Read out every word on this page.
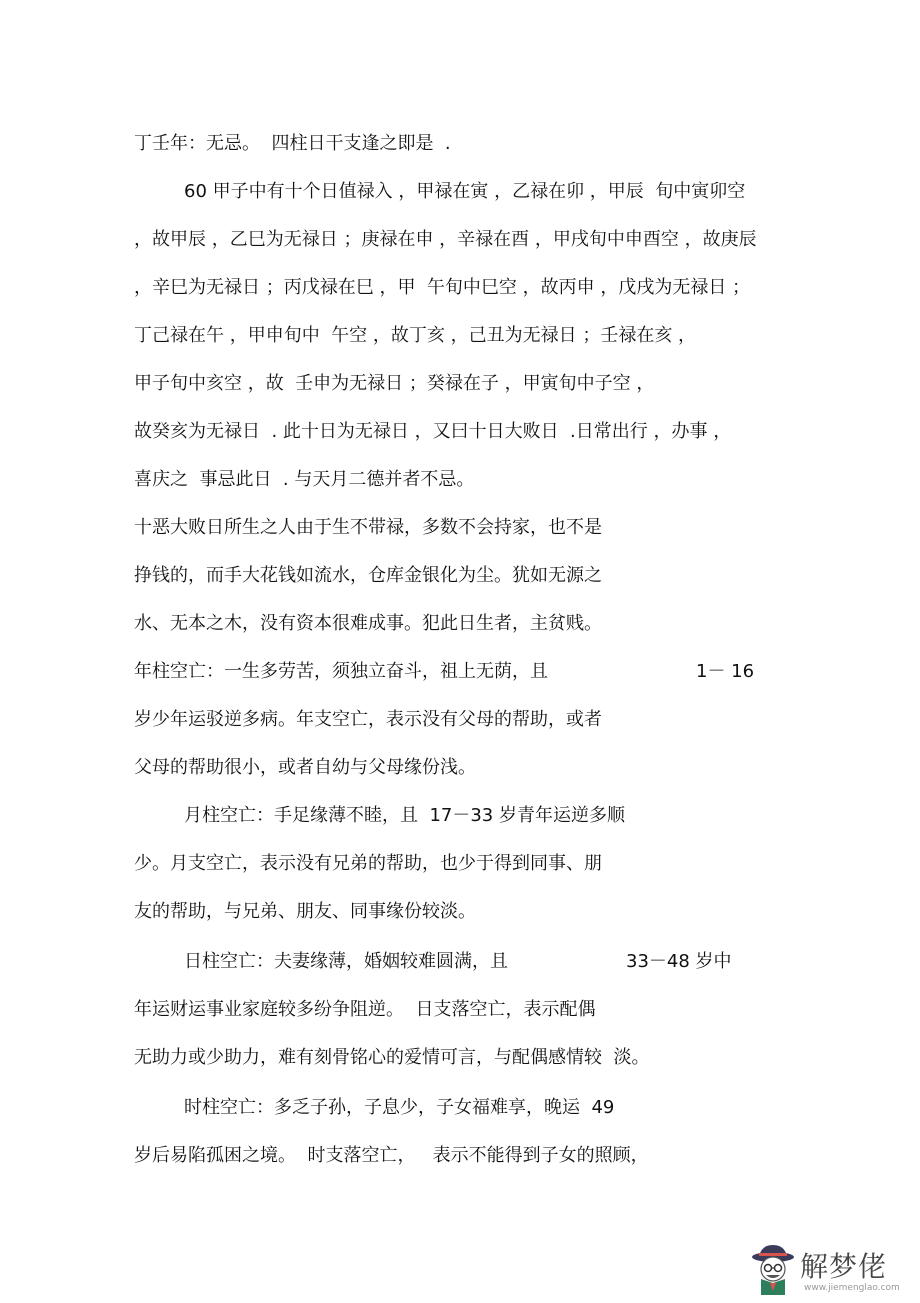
丁壬年：无忌。  四柱日干支逢之即是  .
60 甲子中有十个日值禄入 ，甲禄在寅 ，乙禄在卯 ，甲辰  旬中寅卯空
，故甲辰 ，乙巳为无禄日 ；庚禄在申 ，辛禄在酉 ，甲戌旬中申酉空 ，故庚辰
，辛巳为无禄日 ；丙戊禄在巳 ，甲  午旬中巳空 ，故丙申 ，戊戌为无禄日 ；
丁己禄在午 ，甲申旬中  午空 ，故丁亥 ，己丑为无禄日 ；壬禄在亥 ，
甲子旬中亥空 ，故  壬申为无禄日 ；癸禄在子 ，甲寅旬中子空 ，
故癸亥为无禄日  . 此十日为无禄日 ，又曰十日大败日  .日常出行 ，办事 ，
喜庆之  事忌此日  . 与天月二德并者不忌。
十恶大败日所生之人由于生不带禄，多数不会持家，也不是
挣钱的，而手大花钱如流水，仓库金银化为尘。犹如无源之
水、无本之木，没有资本很难成事。犯此日生者，主贫贱。
年柱空亡：一生多劳苦，须独立奋斗，祖上无荫，且	1－ 16
岁少年运驳逆多病。年支空亡，表示没有父母的帮助，或者
父母的帮助很小，或者自幼与父母缘份浅。
月柱空亡：手足缘薄不睦，且  17－33 岁青年运逆多顺
少。月支空亡，表示没有兄弟的帮助，也少于得到同事、朋
友的帮助，与兄弟、朋友、同事缘份较淡。
日柱空亡：夫妻缘薄，婚姻较难圆满，且	33－48 岁中
年运财运事业家庭较多纷争阻逆。  日支落空亡，表示配偶
无助力或少助力，难有刻骨铭心的爱情可言，与配偶感情较  淡。
时柱空亡：多乏子孙，子息少，子女福难享，晚运  49
岁后易陷孤困之境。  时支落空亡，   表示不能得到子女的照顾，
解梦佬
www.jiemenglao.com
